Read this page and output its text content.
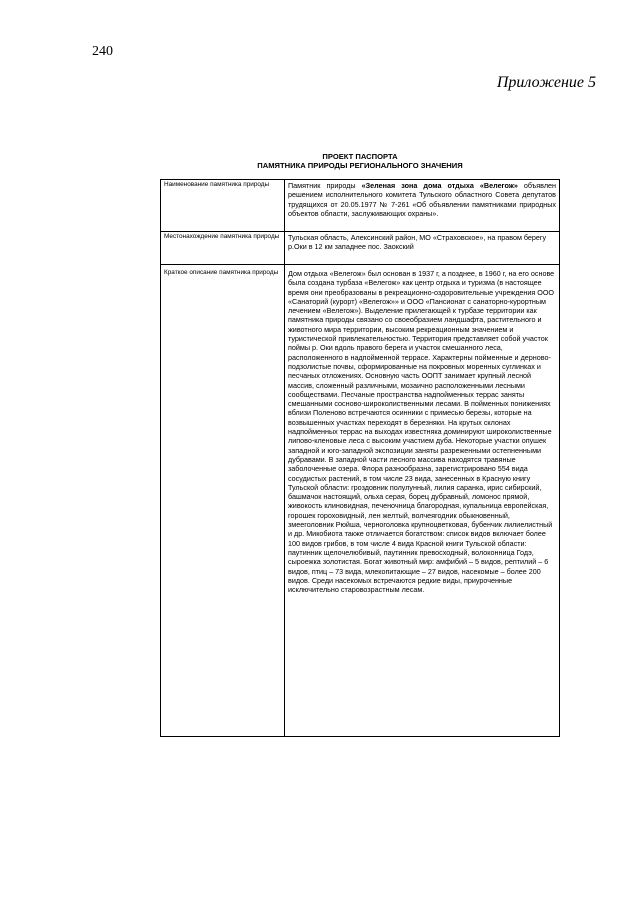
240
Приложение 5
ПРОЕКТ ПАСПОРТА
ПАМЯТНИКА ПРИРОДЫ РЕГИОНАЛЬНОГО ЗНАЧЕНИЯ
Наименование памятника природы	Памятник природы «Зеленая зона дома отдыха «Велегож» объявлен решением исполнительного комитета Тульского областного Совета депутатов трудящихся от 20.05.1977 № 7-261 «Об объявлении памятниками природных объектов области, заслуживающих охраны».
Местонахождение памятника природы	Тульская область, Алексинский район, МО «Страховское», на правом берегу р.Оки в 12 км западнее пос. Заокский

Краткое описание памятника природы	Дом отдыха «Велегож» был основан в 1937 г, а позднее, в 1960 г, на его основе была создана турбаза «Велегож» как центр отдыха и туризма (в настоящее время они преобразованы в рекреационно-оздоровительные учреждения ООО «Санаторий (курорт) «Велегож»» и ООО «Пансионат с санаторно-курортным лечением «Велегож»). Выделение прилегающей к турбазе территории как памятника природы связано со своеобразием ландшафта, растительного и животного мира территории, высоким рекреационным значением и туристической привлекательностью. Территория представляет собой участок поймы р. Оки вдоль правого берега и участок смешанного леса, расположенного в надпойменной террасе. Характерны пойменные и дерново-подзолистые почвы, сформированные на покровных моренных суглинках и песчаных отложениях. Основную часть ООПТ занимает крупный лесной массив, сложенный различными, мозаично расположенными лесными сообществами. Песчаные пространства надпойменных террас заняты смешанными сосново-широколиственными лесами. В пойменных понижениях вблизи Поленово встречаются осинники с примесью березы, которые на возвышенных участках переходят в березняки. На крутых склонах надпойменных террас на выходах известняка доминируют широколиственные липово-кленовые леса с высоким участием дуба. Некоторые участки опушек западной и юго-западной экспозиции заняты разреженными остепненными дубравами. В западной части лесного массива находятся травяные заболоченные озера. Флора разнообразна, зарегистрировано 554 вида сосудистых растений, в том числе 23 вида, занесенных в Красную книгу Тульской области: гроздовник полулунный, лилия саранка, ирис сибирский, башмачок настоящий, ольха серая, борец дубравный, ломонос прямой, живокость клиновидная, печеночница благородная, купальница европейская, горошек гороховидный, лен желтый, волчеягодник обыкновенный, змееголовник Рюйша, черноголовка крупноцветковая, бубенчик лилиелистный и др. Микобиота также отличается богатством: список видов включает более 100 видов грибов, в том числе 4 вида Красной книги Тульской области: паутинник щелочелюбивый, паутинник превосходный, волоконница Годэ, сыроежка золотистая. Богат животный мир: амфибий – 5 видов, рептилий – 6 видов, птиц – 73 вида, млекопитающие – 27 видов, насекомые – более 200 видов. Среди насекомых встречаются редкие виды, приуроченные исключительно старовозрастным лесам.
